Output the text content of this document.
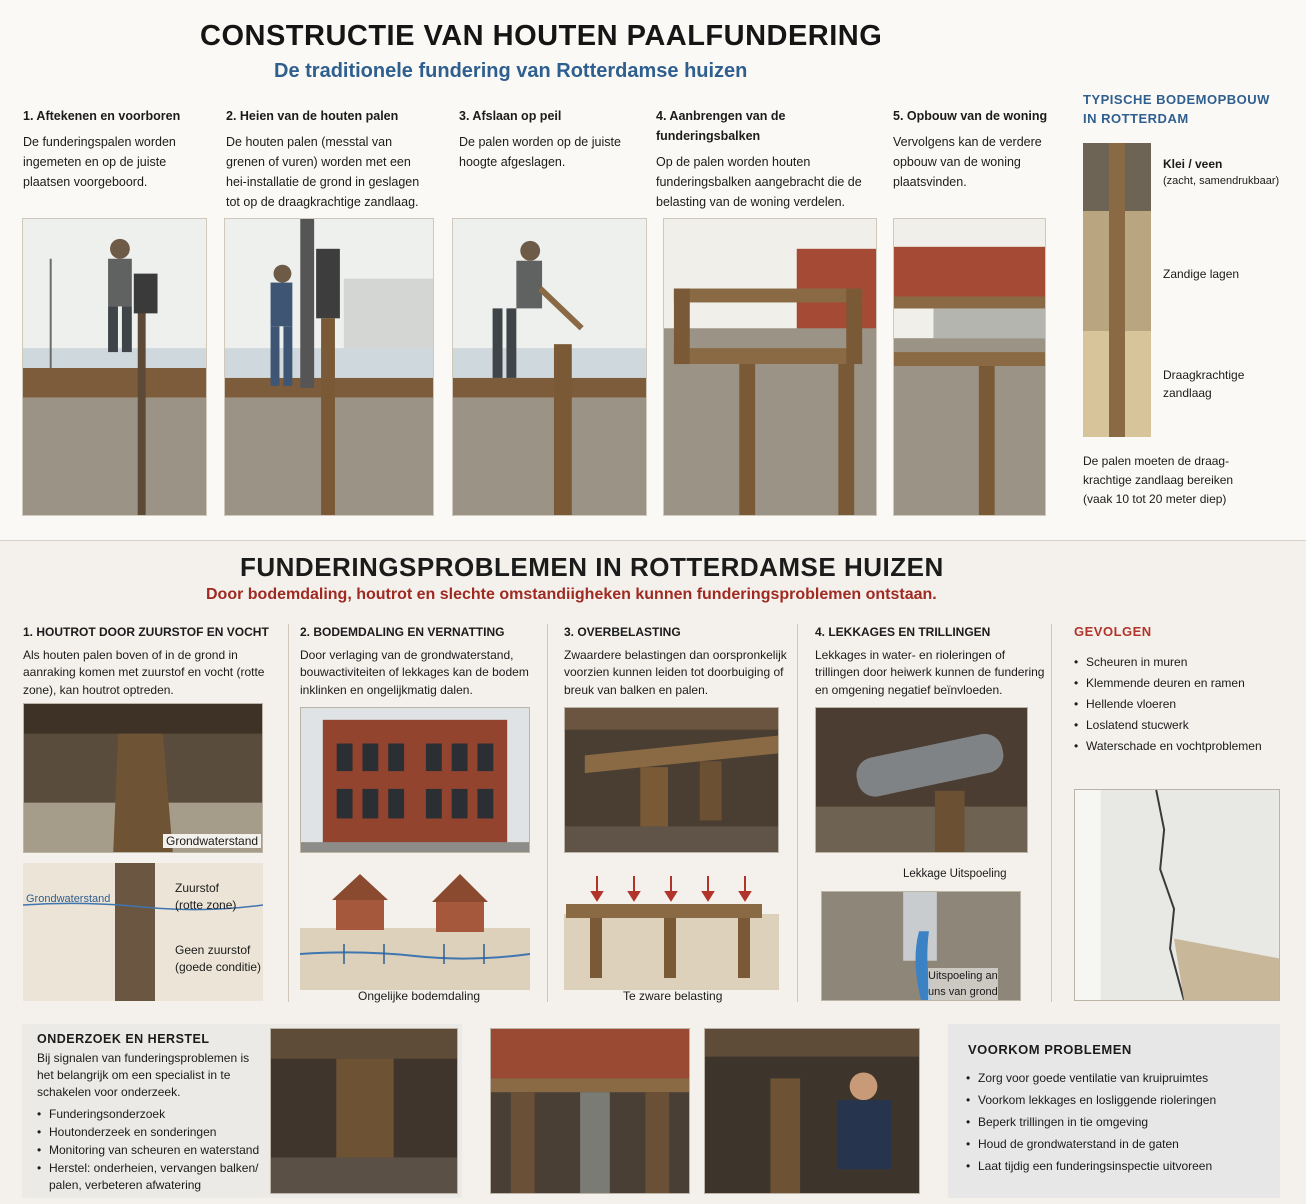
CONSTRUCTIE VAN HOUTEN PAALFUNDERING
De traditionele fundering van Rotterdamse huizen
1. Aftekenen en voorboren

De funderingspalen worden ingemeten en op de juiste plaatsen voorgeboord.

2. Heien van de houten palen

De houten palen (messtal van grenen of vuren) worden met een hei-installatie de grond in geslagen tot op de draagkrachtige zandlaag.

3. Afslaan op peil

De palen worden op de juiste hoogte afgeslagen.

4. Aanbrengen van de funderingsbalken

Op de palen worden houten funderingsbalken aangebracht die de belasting van de woning verdelen.

5. Opbouw van de woning

Vervolgens kan de verdere opbouw van de woning plaatsvinden.

TYPISCHE BODEMOPBOUW IN ROTTERDAM
Klei / veen
(zacht, samendrukbaar)
Zandige lagen
Draagkrachtige zandlaag
De palen moeten de draag-krachtige zandlaag bereiken (vaak 10 tot 20 meter diep)
FUNDERINGSPROBLEMEN IN ROTTERDAMSE HUIZEN
Door bodemdaling, houtrot en slechte omstandiigheken kunnen funderingsproblemen ontstaan.
1. HOUTROT DOOR ZUURSTOF EN VOCHT

Als houten palen boven of in de grond in aanraking komen met zuurstof en vocht (rotte zone), kan houtrot optreden.

2. BODEMDALING EN VERNATTING

Door verlaging van de grondwaterstand, bouwactiviteiten of lekkages kan de bodem inklinken en ongelijkmatig dalen.

3. OVERBELASTING

Zwaardere belastingen dan oorspronkelijk voorzien kunnen leiden tot doorbuiging of breuk van balken en palen.

4. LEKKAGES EN TRILLINGEN

Lekkages in water- en rioleringen of trillingen door heiwerk kunnen de fundering en omgening negatief beïnvloeden.

Grondwaterstand
Grondwaterstand
Zuurstof
(rotte zone)
Geen zuurstof
(goede conditie)
Ongelijke bodemdaling	Te zware belasting
Lekkage Uitspoeling
Uitspoeling an
uns van grond
GEVOLGEN
• Scheuren in muren
• Klemmende deuren en ramen
• Hellende vloeren
• Loslatend stucwerk
• Waterschade en vochtproblemen
ONDERZOEK EN HERSTEL
Bij signalen van funderingsproblemen is het belangrijk om een specialist in te schakelen voor onderzeek.
• Funderingsonderzoek
• Houtonderzeek en sonderingen
• Monitoring van scheuren en waterstand
• Herstel: onderheien, vervangen balken/ palen, verbeteren afwatering
VOORKOM PROBLEMEN
• Zorg voor goede ventilatie van kruipruimtes
• Voorkom lekkages en losliggende rioleringen
• Beperk trillingen in tie omgeving
• Houd de grondwaterstand in de gaten
• Laat tijdig een funderingsinspectie uitvoreen
